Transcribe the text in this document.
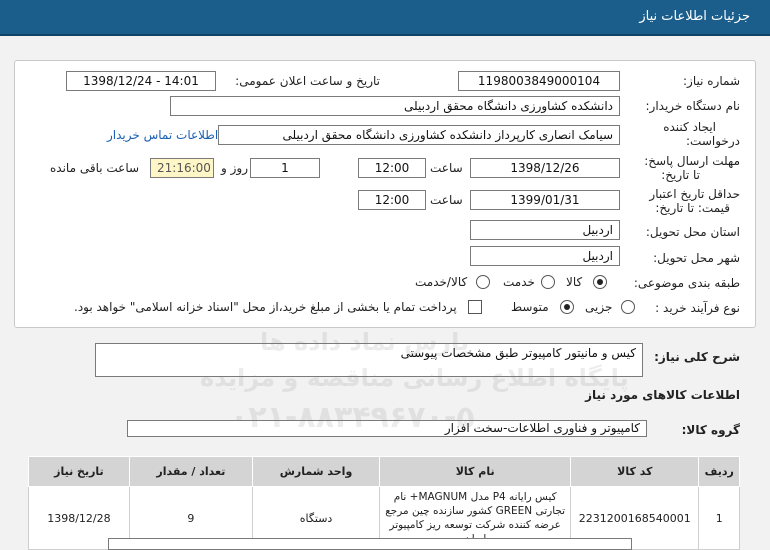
جزئیات اطلاعات نیاز
شماره نیاز:
1198003849000104
تاریخ و ساعت اعلان عمومی:
1398/12/24 - 14:01
نام دستگاه خریدار:
دانشکده کشاورزی دانشگاه محقق اردبیلی
ایجاد کننده
درخواست:
سیامک انصاری کارپرداز دانشکده کشاورزی دانشگاه محقق اردبیلی
اطلاعات تماس خریدار
مهلت ارسال پاسخ:
تا تاریخ:
1398/12/26
ساعت
12:00
1
روز و
21:16:00
ساعت باقی مانده
حداقل تاریخ اعتبار
قیمت: تا تاریخ:
1399/01/31
ساعت
12:00
استان محل تحویل:
اردبیل
شهر محل تحویل:
اردبیل
طبقه بندی موضوعی:
کالا
خدمت
کالا/خدمت
نوع فرآیند خرید :
جزیی
متوسط
پرداخت تمام یا بخشی از مبلغ خرید،از محل "اسناد خزانه اسلامی" خواهد بود.
شرح کلی نیاز:
کیس و مانیتور کامپیوتر طبق مشخصات پیوستی
اطلاعات کالاهای مورد نیاز
گروه کالا:
کامپیوتر و فناوری اطلاعات-سخت افزار
ردیف	کد کالا	نام کالا	واحد شمارش	تعداد / مقدار	تاریخ نیاز
1	2231200168540001	کیس رایانه P4 مدل MAGNUM+ نام تجارتی GREEN کشور سازنده چین مرجع عرضه کننده شرکت توسعه ریز کامپیوتر	دستگاه	9	1398/12/28
پارس نماد داده ها
پایگاه اطلاع رسانی مناقصه و مزایده
۰۲۱-۸۸۳۴۹۶۷۰-۵
